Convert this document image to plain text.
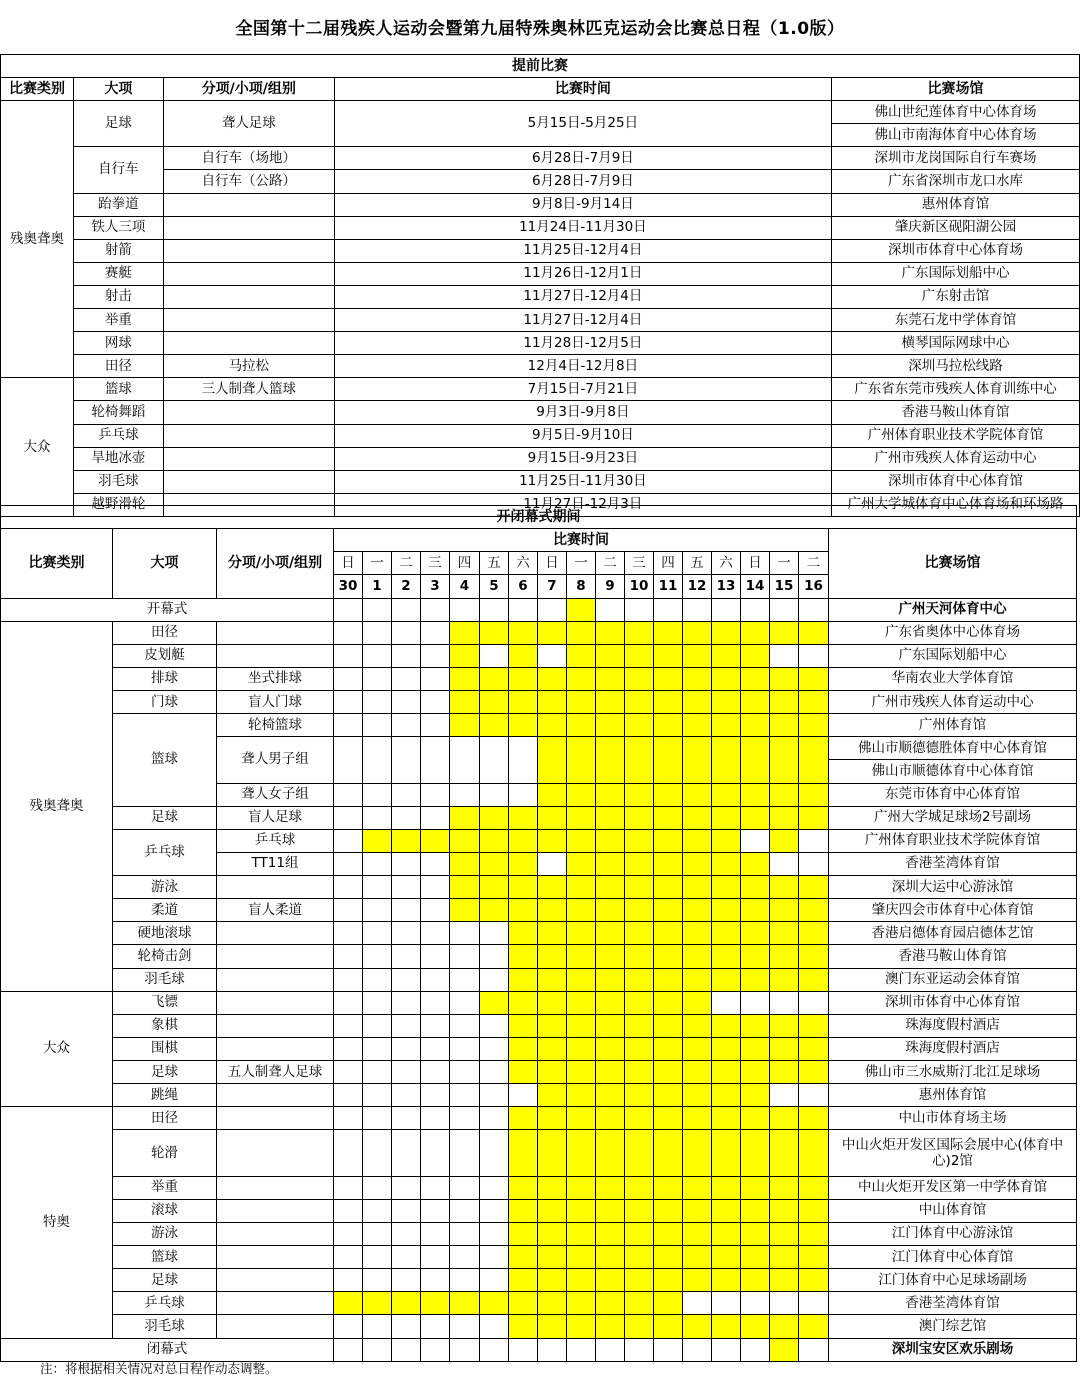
全国第十二届残疾人运动会暨第九届特殊奥林匹克运动会比赛总日程（1.0版）
提前比赛				
比赛类别	大项	分项/小项/组别	比赛时间	比赛场馆
残奥聋奥	足球	聋人足球	5月15日-5月25日	佛山世纪莲体育中心体育场
				佛山市南海体育中心体育场
	自行车	自行车（场地）	6月28日-7月9日	深圳市龙岗国际自行车赛场
		自行车（公路）	6月28日-7月9日	广东省深圳市龙口水库
	跆拳道		9月8日-9月14日	惠州体育馆
	铁人三项		11月24日-11月30日	肇庆新区砚阳湖公园
	射箭		11月25日-12月4日	深圳市体育中心体育场
	赛艇		11月26日-12月1日	广东国际划船中心
	射击		11月27日-12月4日	广东射击馆
	举重		11月27日-12月4日	东莞石龙中学体育馆
	网球		11月28日-12月5日	横琴国际网球中心
	田径	马拉松	12月4日-12月8日	深圳马拉松线路
大众	篮球	三人制聋人篮球	7月15日-7月21日	广东省东莞市残疾人体育训练中心
	轮椅舞蹈		9月3日-9月8日	香港马鞍山体育馆
	乒乓球		9月5日-9月10日	广州体育职业技术学院体育馆
	旱地冰壶		9月15日-9月23日	广州市残疾人体育运动中心
	羽毛球		11月25日-11月30日	深圳市体育中心体育馆
	越野滑轮		11月27日-12月3日	广州大学城体育中心体育场和环场路
开闭幕式期间																				
比赛类别	大项	分项/小项/组别	比赛时间																	比赛场馆
			日	一	二	三	四	五	六	日	一	二	三	四	五	六	日	一	二	
			30	1	2	3	4	5	6	7	8	9	10	11	12	13	14	15	16	
开幕式																				广州天河体育中心
残奥聋奥	田径																			广东省奥体中心体育场
	皮划艇																			广东国际划船中心
	排球	坐式排球																		华南农业大学体育馆
	门球	盲人门球																		广州市残疾人体育运动中心
	篮球	轮椅篮球																		广州体育馆
		聋人男子组																		佛山市顺德德胜体育中心体育馆
																				佛山市顺德体育中心体育馆
		聋人女子组																		东莞市体育中心体育馆
	足球	盲人足球																		广州大学城足球场2号副场
	乒乓球	乒乓球																		广州体育职业技术学院体育馆
		TT11组																		香港荃湾体育馆
	游泳																			深圳大运中心游泳馆
	柔道	盲人柔道																		肇庆四会市体育中心体育馆
	硬地滚球																			香港启德体育园启德体艺馆
	轮椅击剑																			香港马鞍山体育馆
	羽毛球																			澳门东亚运动会体育馆
大众	飞镖																			深圳市体育中心体育馆
	象棋																			珠海度假村酒店
	围棋																			珠海度假村酒店
	足球	五人制聋人足球																		佛山市三水威斯汀北江足球场
	跳绳																			惠州体育馆
特奥	田径																			中山市体育场主场
	轮滑																			中山火炬开发区国际会展中心(体育中心)2馆
	举重																			中山火炬开发区第一中学体育馆
	滚球																			中山体育馆
	游泳																			江门体育中心游泳馆
	篮球																			江门体育中心体育馆
	足球																			江门体育中心足球场副场
	乒乓球																			香港荃湾体育馆
	羽毛球																			澳门综艺馆
闭幕式																				深圳宝安区欢乐剧场
注：将根据相关情况对总日程作动态调整。
